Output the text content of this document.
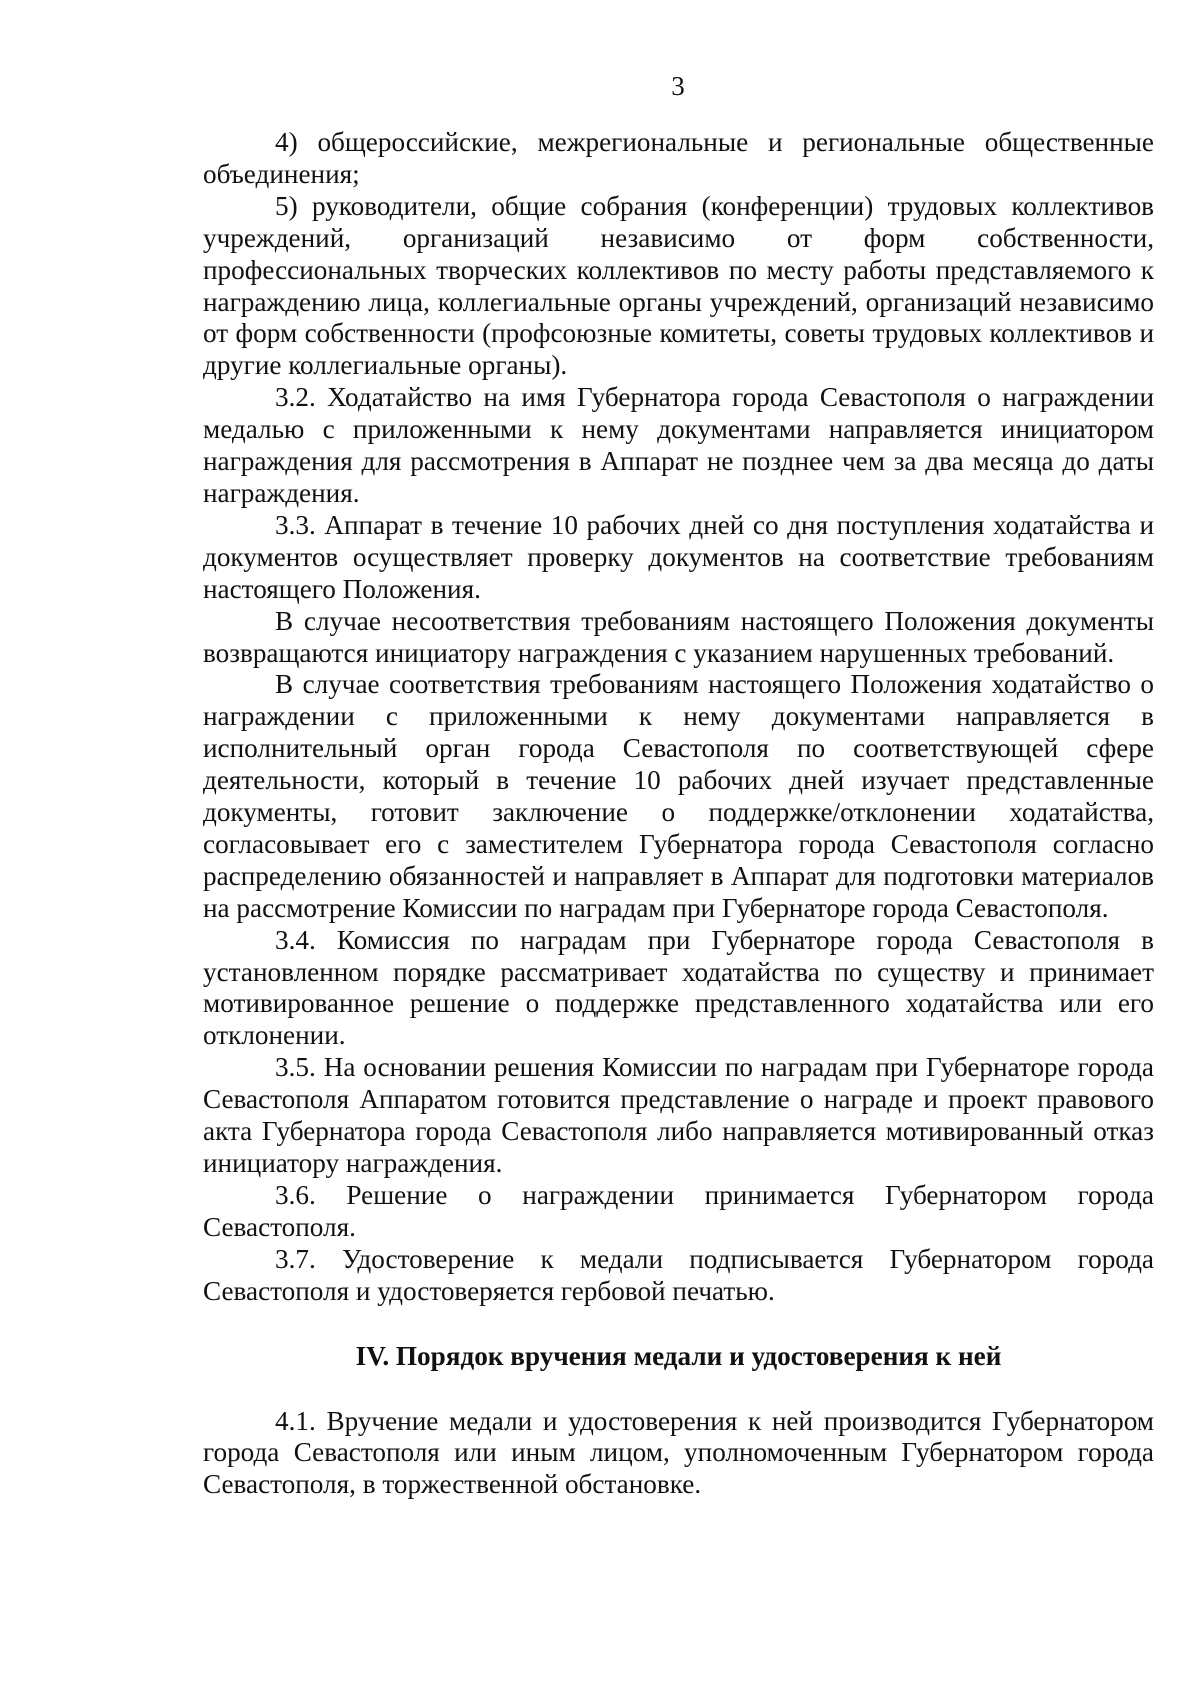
3

4) общероссийские, межрегиональные и региональные общественные объединения;

5) руководители, общие собрания (конференции) трудовых коллективов учреждений, организаций независимо от форм собственности, профессиональных творческих коллективов по месту работы представляемого к награждению лица, коллегиальные органы учреждений, организаций независимо от форм собственности (профсоюзные комитеты, советы трудовых коллективов и другие коллегиальные органы).

3.2. Ходатайство на имя Губернатора города Севастополя о награждении медалью с приложенными к нему документами направляется инициатором награждения для рассмотрения в Аппарат не позднее чем за два месяца до даты награждения.

3.3. Аппарат в течение 10 рабочих дней со дня поступления ходатайства и документов осуществляет проверку документов на соответствие требованиям настоящего Положения.

В случае несоответствия требованиям настоящего Положения документы возвращаются инициатору награждения с указанием нарушенных требований.

В случае соответствия требованиям настоящего Положения ходатайство о награждении с приложенными к нему документами направляется в исполнительный орган города Севастополя по соответствующей сфере деятельности, который в течение 10 рабочих дней изучает представленные документы, готовит заключение о поддержке/отклонении ходатайства, согласовывает его с заместителем Губернатора города Севастополя согласно распределению обязанностей и направляет в Аппарат для подготовки материалов на рассмотрение Комиссии по наградам при Губернаторе города Севастополя.

3.4. Комиссия по наградам при Губернаторе города Севастополя в установленном порядке рассматривает ходатайства по существу и принимает мотивированное решение о поддержке представленного ходатайства или его отклонении.

3.5. На основании решения Комиссии по наградам при Губернаторе города Севастополя Аппаратом готовится представление о награде и проект правового акта Губернатора города Севастополя либо направляется мотивированный отказ инициатору награждения.

3.6. Решение о награждении принимается Губернатором города Севастополя.

3.7. Удостоверение к медали подписывается Губернатором города Севастополя и удостоверяется гербовой печатью.

IV. Порядок вручения медали и удостоверения к ней

4.1. Вручение медали и удостоверения к ней производится Губернатором города Севастополя или иным лицом, уполномоченным Губернатором города Севастополя, в торжественной обстановке.
